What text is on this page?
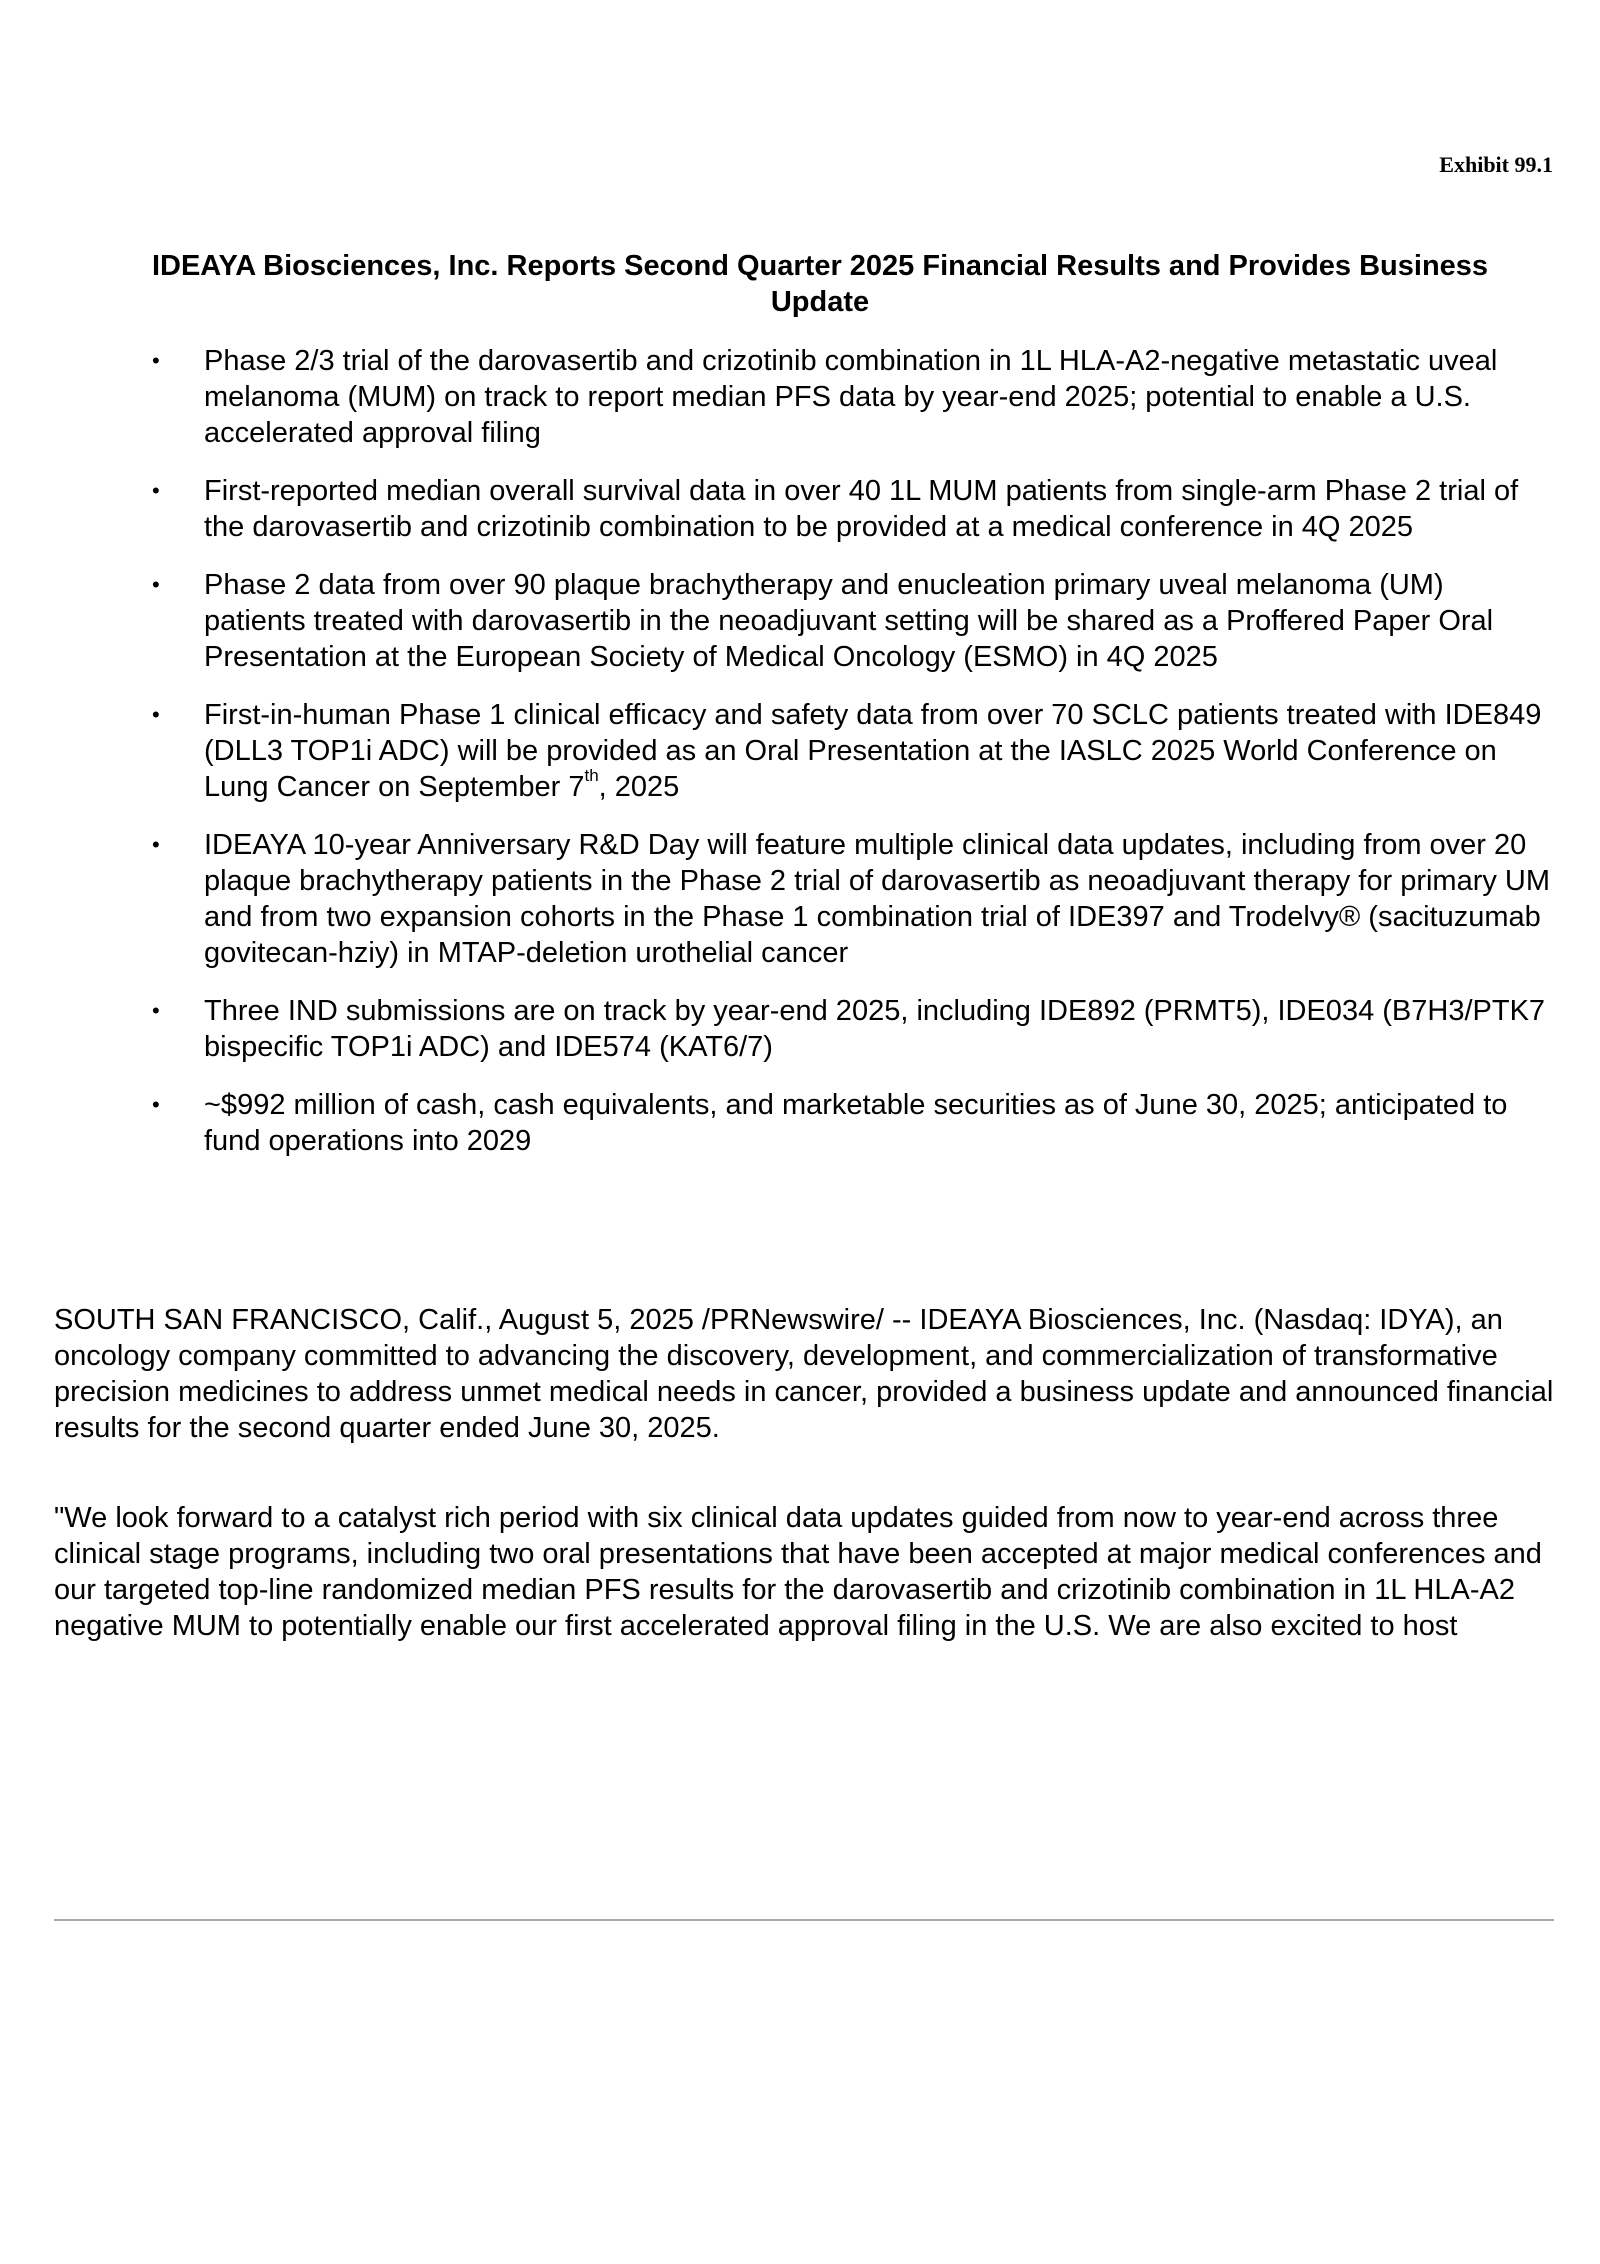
Exhibit 99.1
IDEAYA Biosciences, Inc. Reports Second Quarter 2025 Financial Results and Provides Business Update
• Phase 2/3 trial of the darovasertib and crizotinib combination in 1L HLA-A2-negative metastatic uveal melanoma (MUM) on track to report median PFS data by year-end 2025; potential to enable a U.S. accelerated approval filing
• First-reported median overall survival data in over 40 1L MUM patients from single-arm Phase 2 trial of the darovasertib and crizotinib combination to be provided at a medical conference in 4Q 2025
• Phase 2 data from over 90 plaque brachytherapy and enucleation primary uveal melanoma (UM) patients treated with darovasertib in the neoadjuvant setting will be shared as a Proffered Paper Oral Presentation at the European Society of Medical Oncology (ESMO) in 4Q 2025
• First-in-human Phase 1 clinical efficacy and safety data from over 70 SCLC patients treated with IDE849 (DLL3 TOP1i ADC) will be provided as an Oral Presentation at the IASLC 2025 World Conference on Lung Cancer on September 7th, 2025
• IDEAYA 10-year Anniversary R&D Day will feature multiple clinical data updates, including from over 20 plaque brachytherapy patients in the Phase 2 trial of darovasertib as neoadjuvant therapy for primary UM and from two expansion cohorts in the Phase 1 combination trial of IDE397 and Trodelvy® (sacituzumab govitecan-hziy) in MTAP-deletion urothelial cancer
• Three IND submissions are on track by year-end 2025, including IDE892 (PRMT5), IDE034 (B7H3/PTK7 bispecific TOP1i ADC) and IDE574 (KAT6/7)
• ~$992 million of cash, cash equivalents, and marketable securities as of June 30, 2025; anticipated to fund operations into 2029

SOUTH SAN FRANCISCO, Calif., August 5, 2025 /PRNewswire/ -- IDEAYA Biosciences, Inc. (Nasdaq: IDYA), an oncology company committed to advancing the discovery, development, and commercialization of transformative precision medicines to address unmet medical needs in cancer, provided a business update and announced financial results for the second quarter ended June 30, 2025.

"We look forward to a catalyst rich period with six clinical data updates guided from now to year-end across three clinical stage programs, including two oral presentations that have been accepted at major medical conferences and our targeted top-line randomized median PFS results for the darovasertib and crizotinib combination in 1L HLA-A2 negative MUM to potentially enable our first accelerated approval filing in the U.S. We are also excited to host
